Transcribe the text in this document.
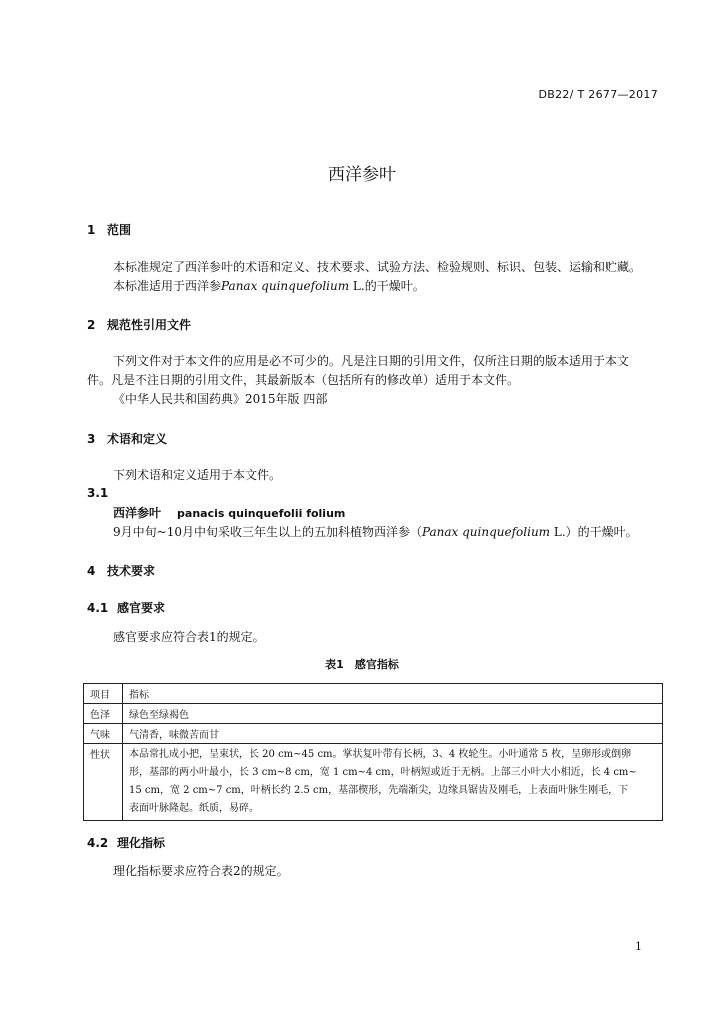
DB22/ T 2677—2017
西洋参叶
1 范围
本标准规定了西洋参叶的术语和定义、技术要求、试验方法、检验规则、标识、包装、运输和贮藏。
本标准适用于西洋参Panax quinquefolium L.的干燥叶。
2 规范性引用文件
下列文件对于本文件的应用是必不可少的。凡是注日期的引用文件，仅所注日期的版本适用于本文
件。凡是不注日期的引用文件，其最新版本（包括所有的修改单）适用于本文件。
《中华人民共和国药典》2015年版 四部
3 术语和定义
下列术语和定义适用于本文件。
3.1
西洋参叶 panacis quinquefolii folium
9月中旬~10月中旬采收三年生以上的五加科植物西洋参（Panax quinquefolium L.）的干燥叶。
4 技术要求
4.1 感官要求
感官要求应符合表1的规定。
表1　感官指标
项目	指标
色泽	绿色至绿褐色
气味	气清香，味微苦而甘
性状	本品常扎成小把，呈束状，长 20 cm~45 cm。掌状复叶带有长柄，3、4 枚轮生。小叶通常 5 枚，呈卵形或倒卵
形，基部的两小叶最小，长 3 cm~8 cm，宽 1 cm~4 cm，叶柄短或近于无柄。上部三小叶大小相近，长 4 cm~
15 cm，宽 2 cm~7 cm，叶柄长约 2.5 cm，基部楔形，先端渐尖，边缘具锯齿及刚毛，上表面叶脉生刚毛，下
表面叶脉隆起。纸质，易碎。
4.2 理化指标
理化指标要求应符合表2的规定。
1
